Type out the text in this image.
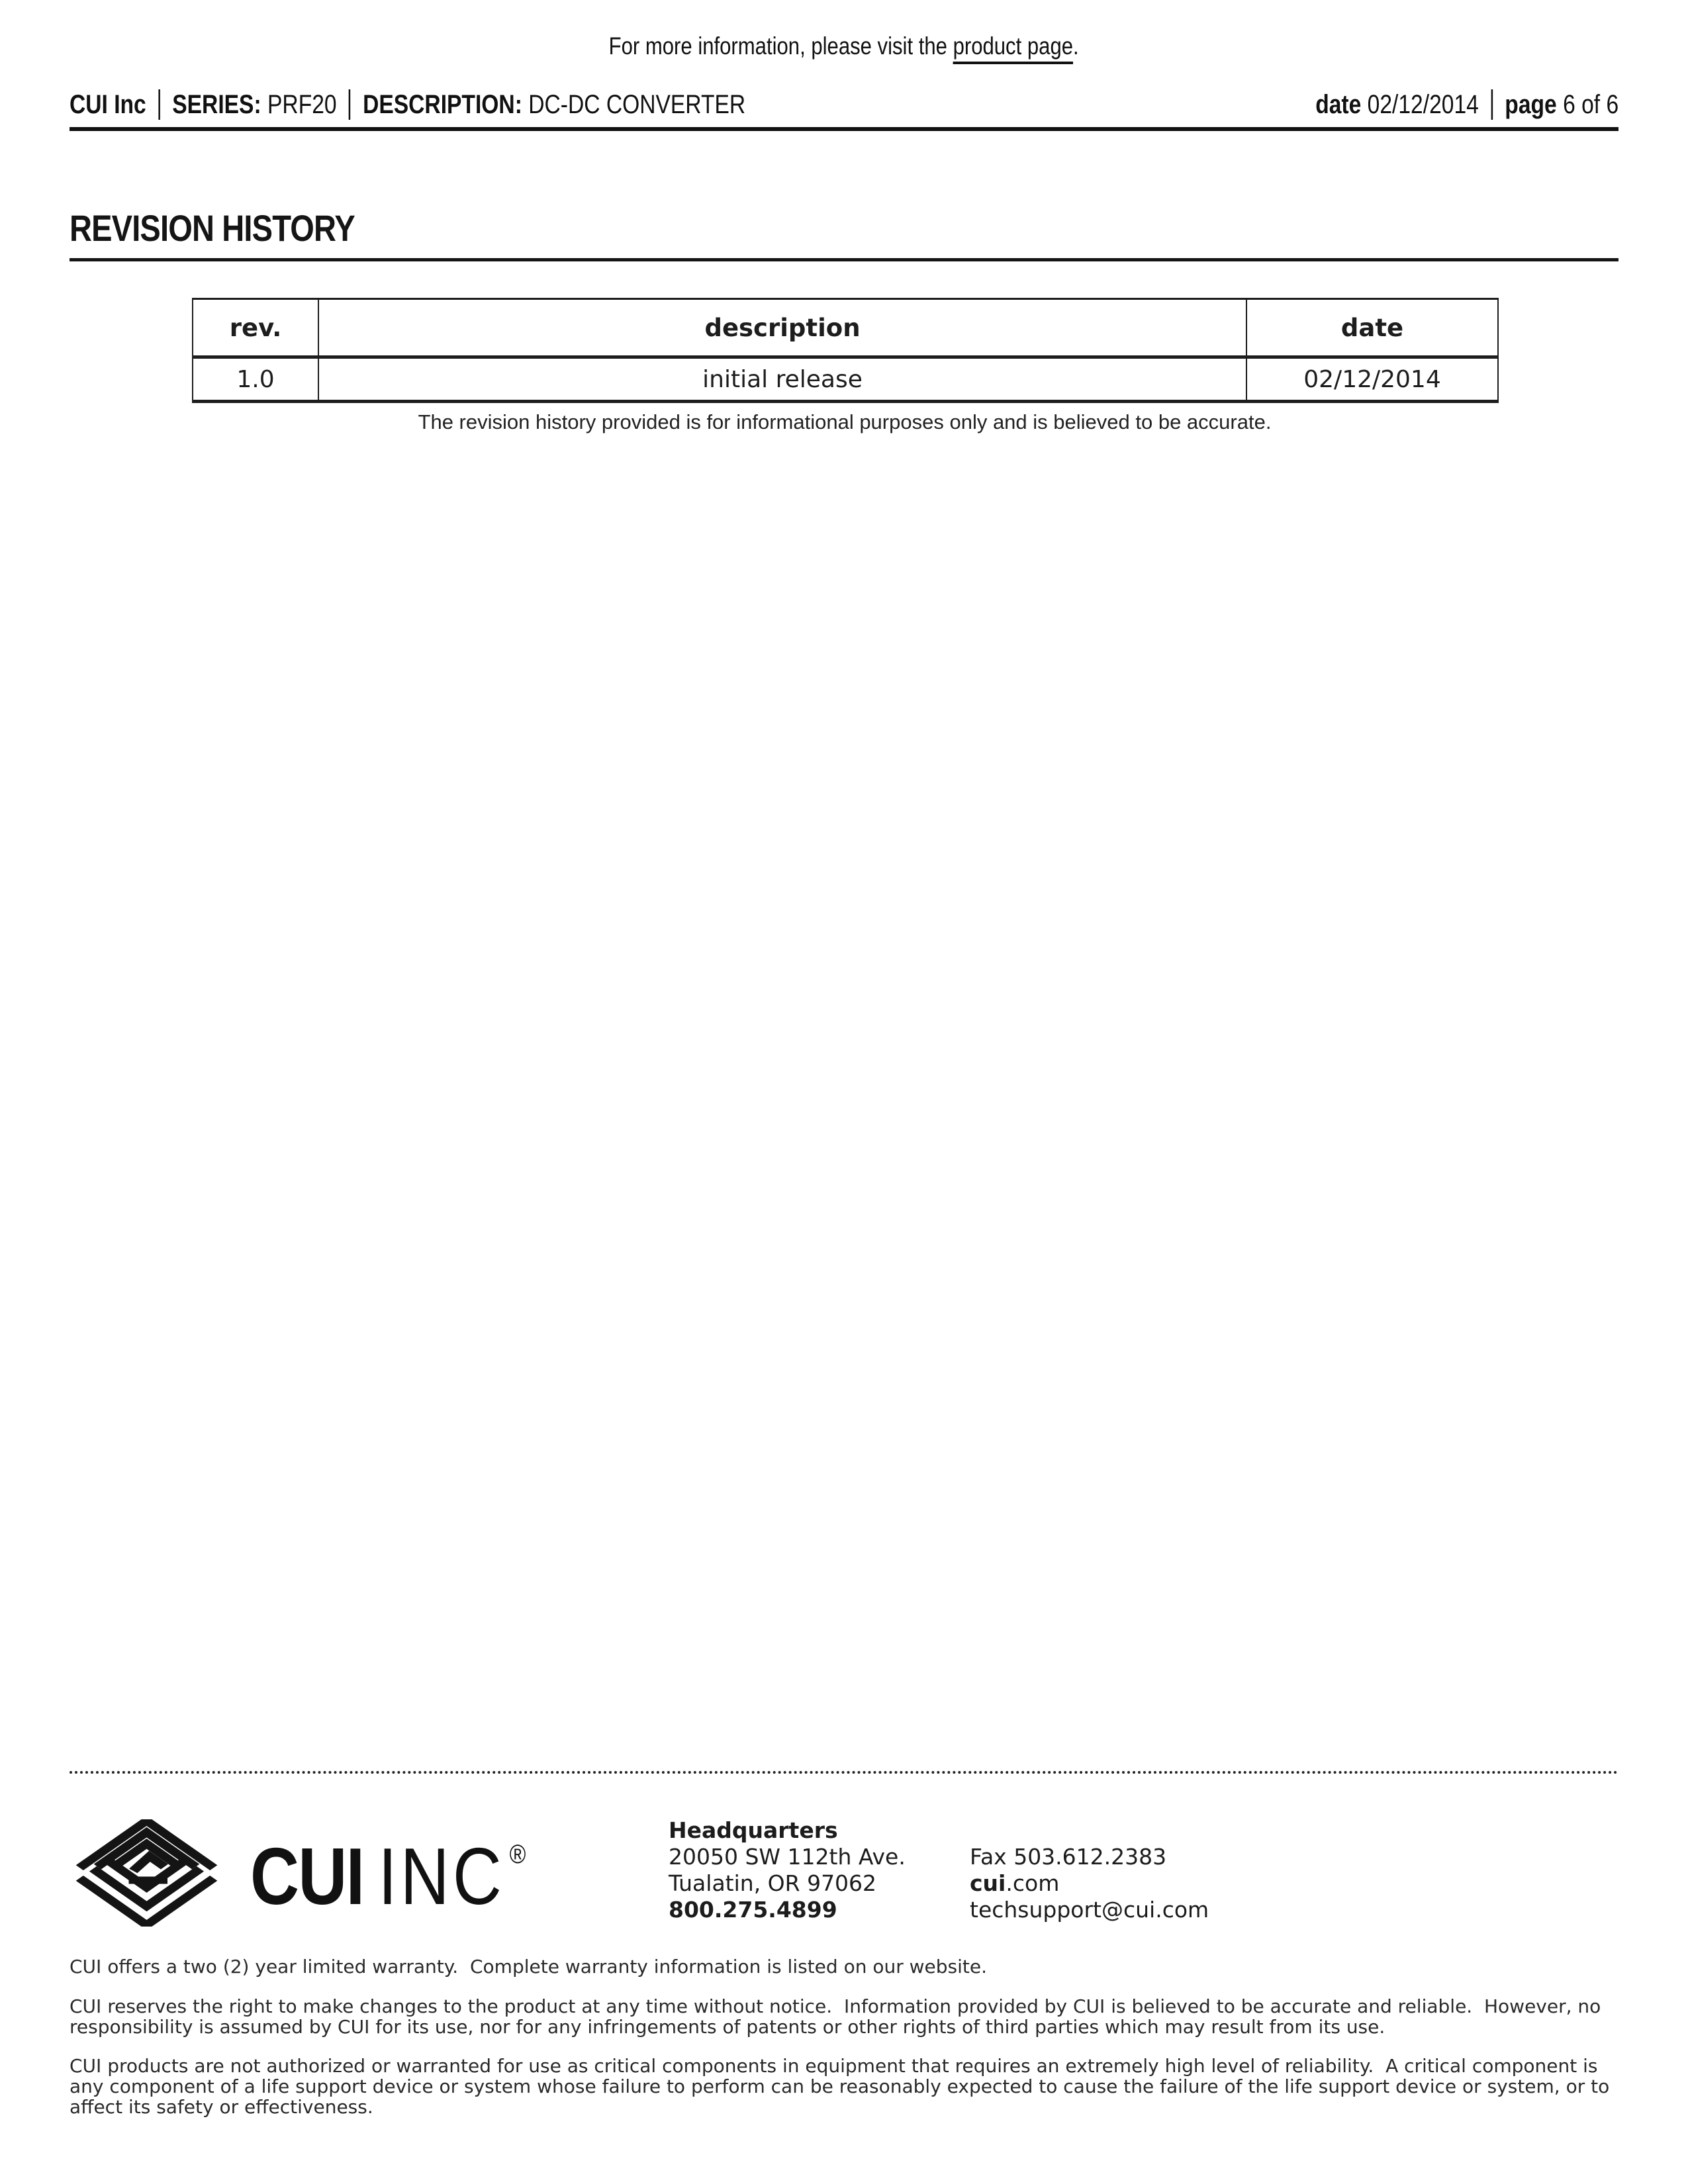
For more information, please visit the product page.
CUI Inc SERIES: PRF20 DESCRIPTION: DC-DC CONVERTER	date 02/12/2014 page 6 of 6
REVISION HISTORY
rev.	description	date
1.0	initial release	02/12/2014
The revision history provided is for informational purposes only and is believed to be accurate.
CUI INC ®
Headquarters
20050 SW 112th Ave.
Tualatin, OR 97062
800.275.4899
Fax 503.612.2383
cui.com
techsupport@cui.com
CUI offers a two (2) year limited warranty.  Complete warranty information is listed on our website.
CUI reserves the right to make changes to the product at any time without notice.  Information provided by CUI is believed to be accurate and reliable.  However, no responsibility is assumed by CUI for its use, nor for any infringements of patents or other rights of third parties which may result from its use.
CUI products are not authorized or warranted for use as critical components in equipment that requires an extremely high level of reliability.  A critical component is any component of a life support device or system whose failure to perform can be reasonably expected to cause the failure of the life support device or system, or to affect its safety or effectiveness.
